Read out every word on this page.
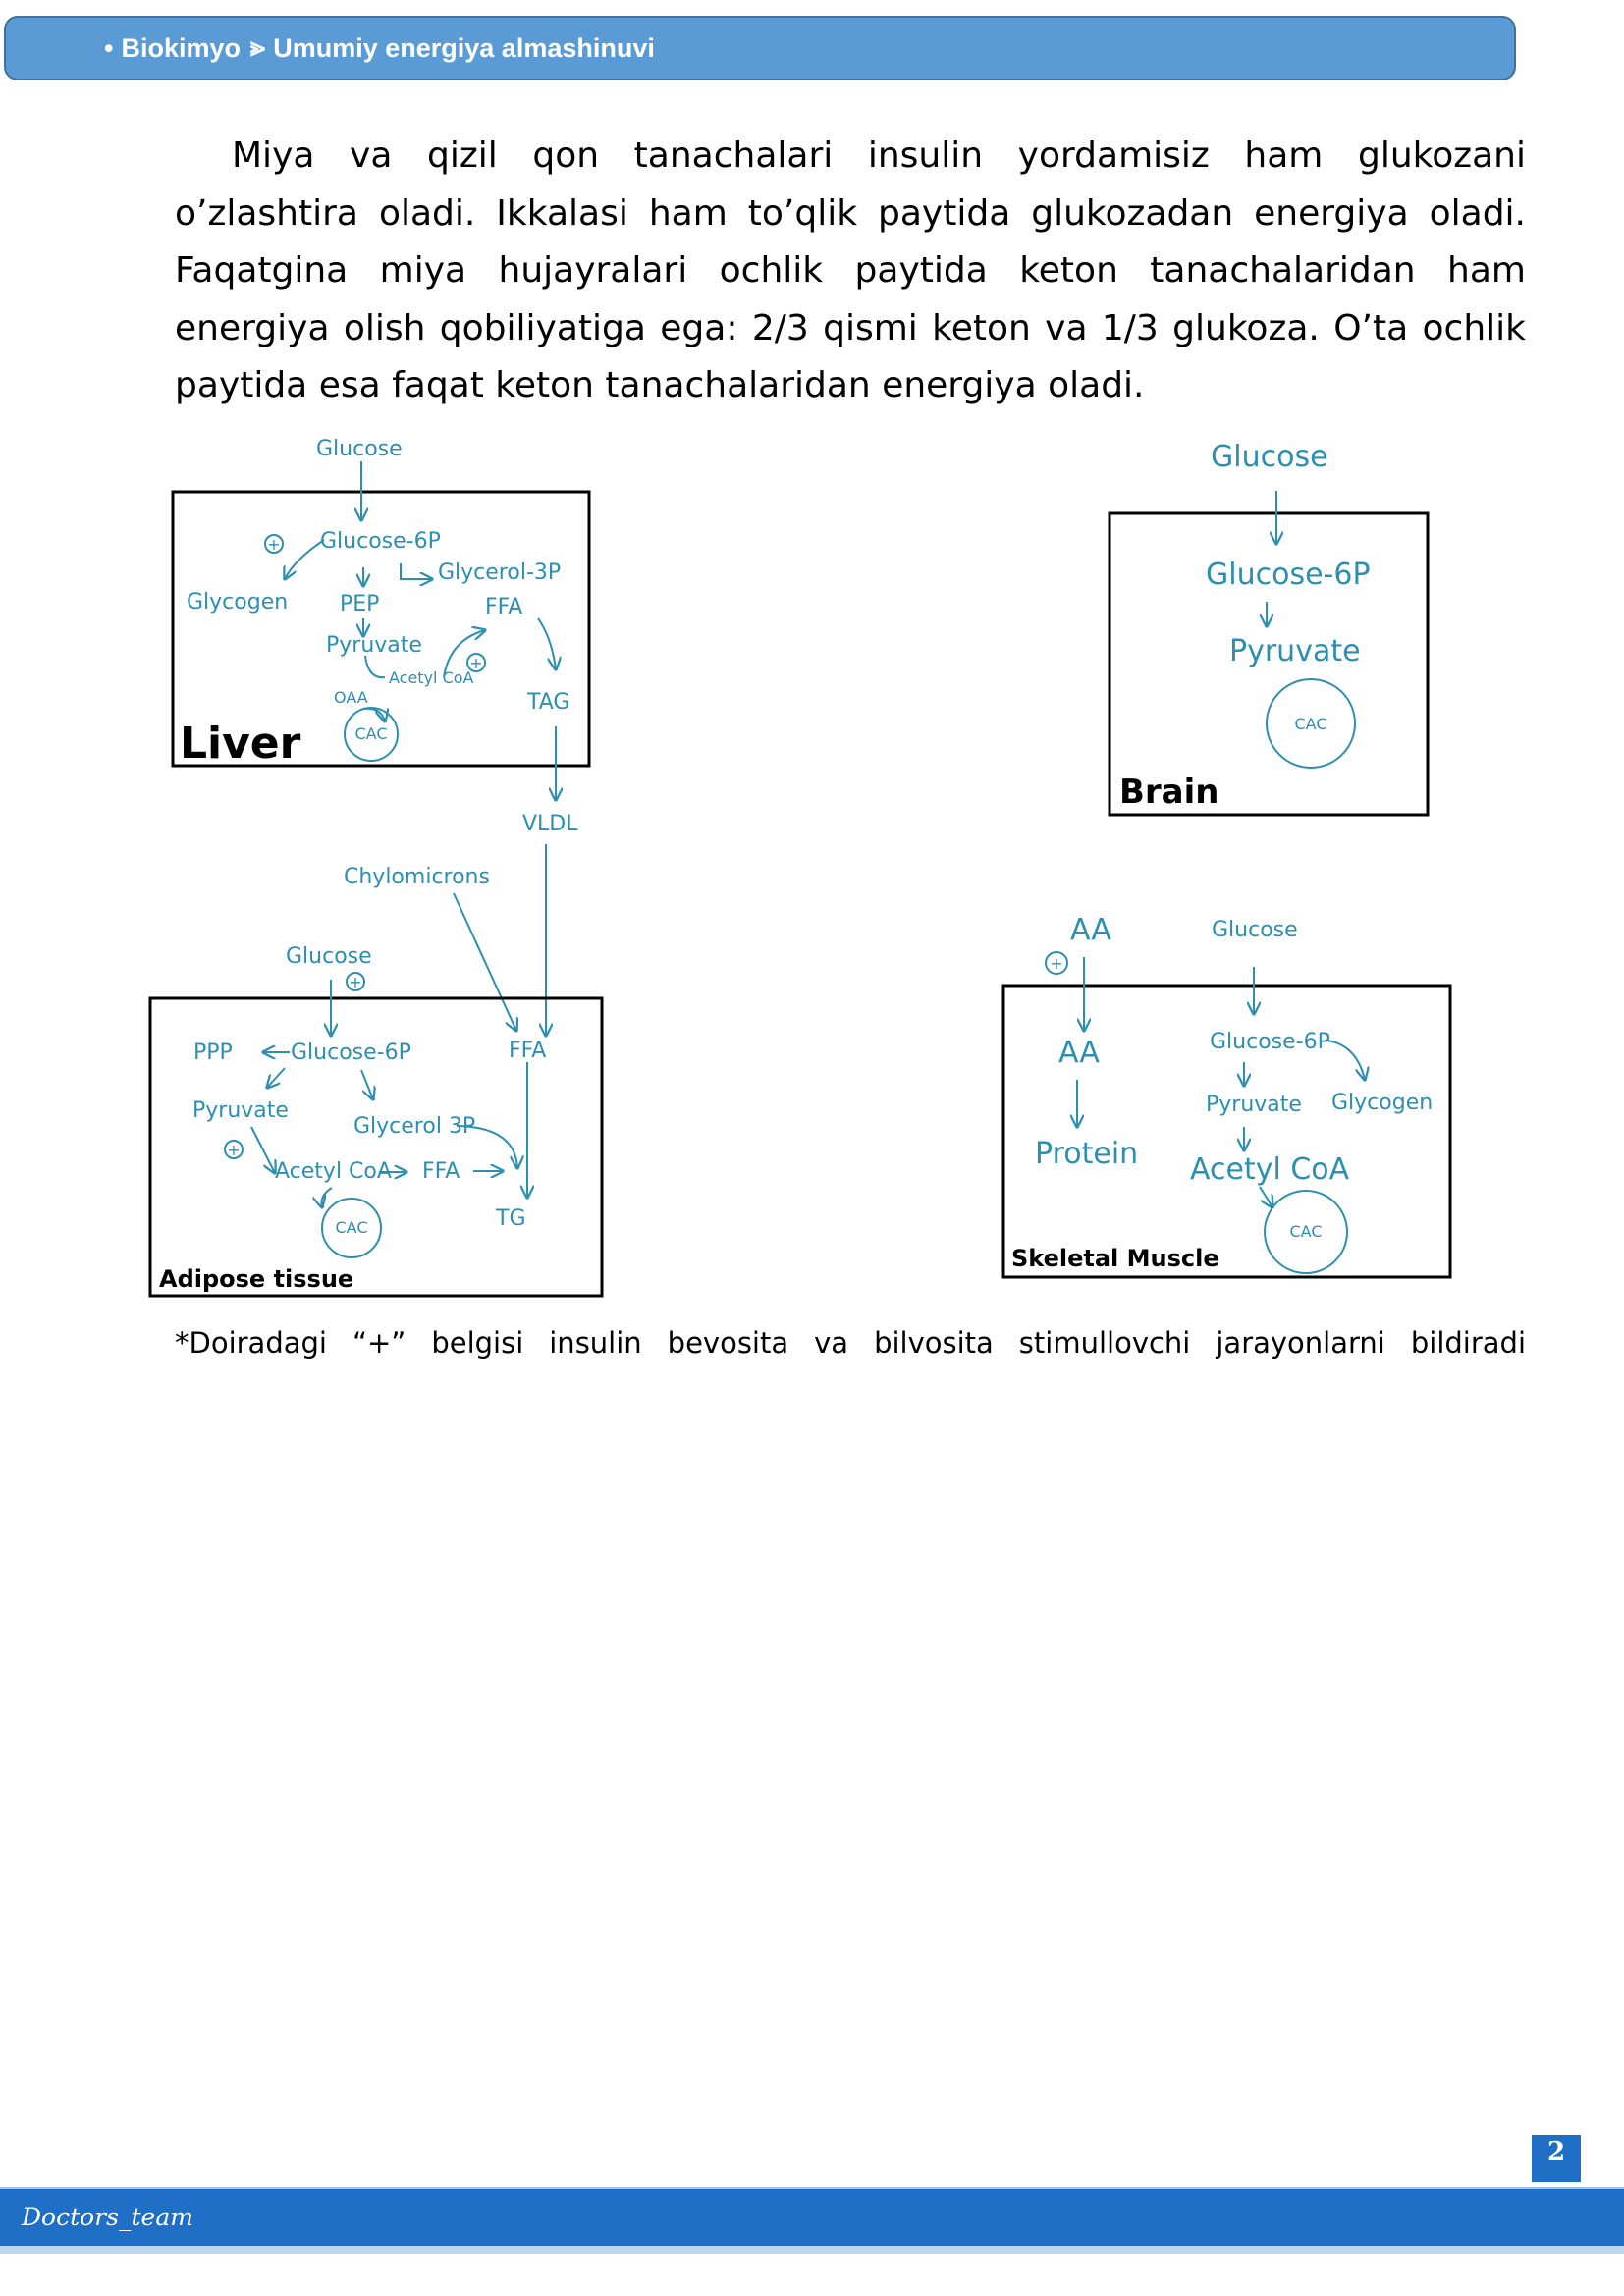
• Biokimyo ⪢ Umumiy energiya almashinuvi

Miya va qizil qon tanachalari insulin yordamisiz ham glukozani o’zlashtira oladi. Ikkalasi ham to’qlik paytida glukozadan energiya oladi. Faqatgina miya hujayralari ochlik paytida keton tanachalaridan ham energiya olish qobiliyatiga ega: 2/3 qismi keton va 1/3 glukoza. O’ta ochlik paytida esa faqat keton tanachalaridan energiya oladi.

+
+
+
+
+
Glucose
Glucose-6P
Glycerol-3P
Glycogen PEP	FFA
Pyruvate
Acetyl CoA
OAA	TAG
CAC
Liver
VLDL
Chylomicrons
Glucose
Glucose-6P
Pyruvate
CAC
Brain
Glucose
PPP	Glucose-6P	FFA
Pyruvate
Glycerol 3P
Acetyl CoA FFA
CAC	TG
Adipose tissue
AA	Glucose
AA	Glucose-6P
Glycogen
Pyruvate
Protein Acetyl CoA
CAC
Skeletal Muscle

*Doiradagi “+” belgisi insulin bevosita va bilvosita stimullovchi jarayonlarni bildiradi

2
Doctors_team
